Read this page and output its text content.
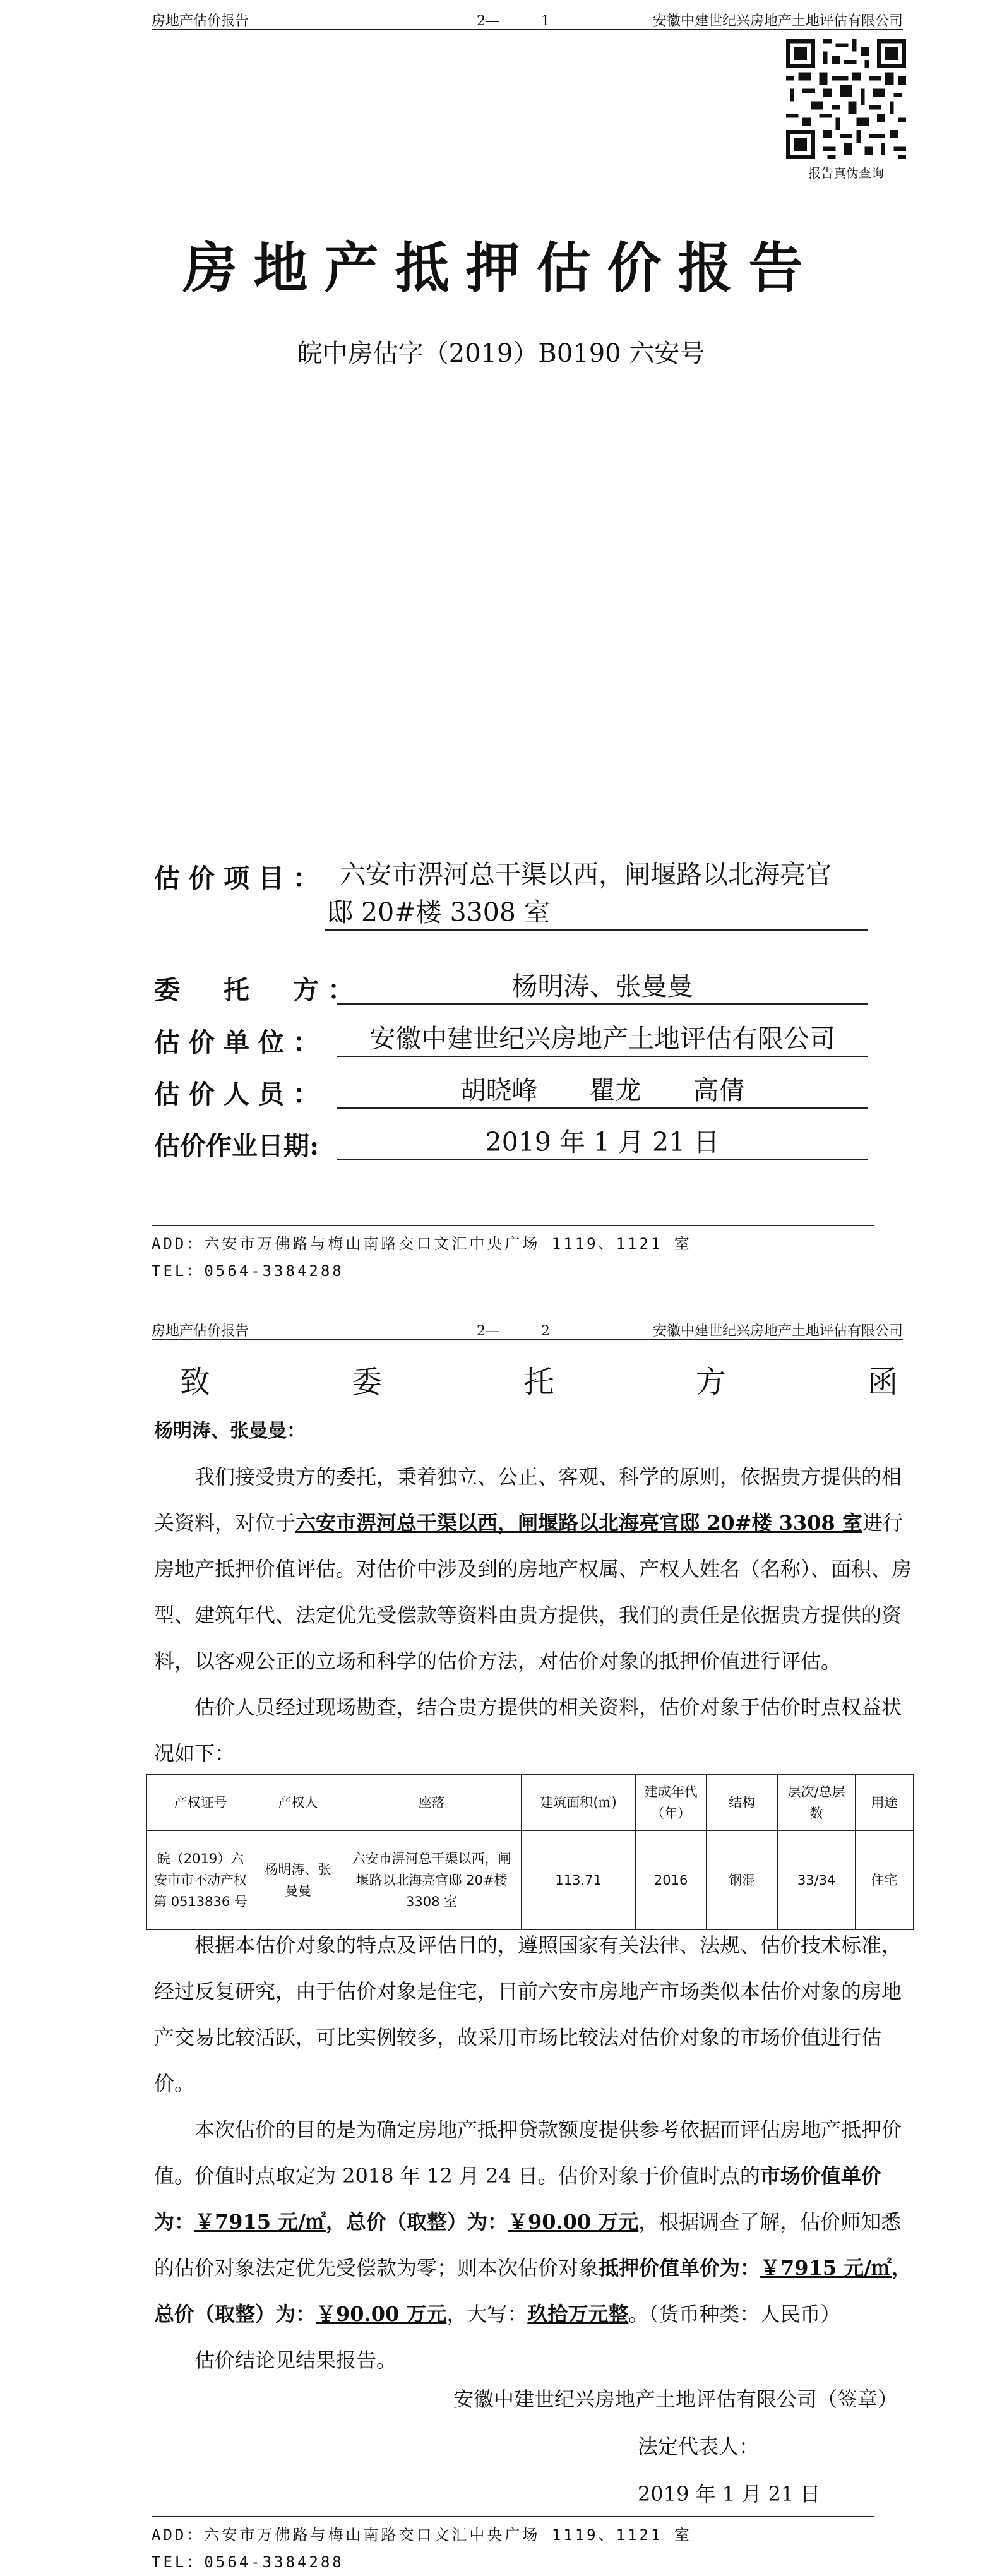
房地产估价报告	2—　　　1	安徽中建世纪兴房地产土地评估有限公司
报告真伪查询
房地产抵押估价报告
皖中房估字（2019）B0190 六安号
估价项目： 六安市淠河总干渠以西，闸堰路以北海亮官
邸 20#楼 3308 室
委　托　方：	杨明涛、张曼曼
估价单位：	安徽中建世纪兴房地产土地评估有限公司
估价人员：	胡晓峰　　瞿龙　　高倩
估价作业日期:	2019 年 1 月 21 日
ADD：六安市万佛路与梅山南路交口文汇中央广场 1119、1121 室
TEL：0564-3384288
房地产估价报告	2—　　　2	安徽中建世纪兴房地产土地评估有限公司
致	委	托	方	函

杨明涛、张曼曼：

我们接受贵方的委托，秉着独立、公正、客观、科学的原则，依据贵方提供的相关资料，对位于六安市淠河总干渠以西，闸堰路以北海亮官邸 20#楼 3308 室进行房地产抵押价值评估。对估价中涉及到的房地产权属、产权人姓名（名称）、面积、房型、建筑年代、法定优先受偿款等资料由贵方提供，我们的责任是依据贵方提供的资料，以客观公正的立场和科学的估价方法，对估价对象的抵押价值进行评估。

估价人员经过现场勘查，结合贵方提供的相关资料，估价对象于估价时点权益状况如下：

产权证号	产权人	座落	建筑面积(㎡)	建成年代（年）	结构	层次/总层数	用途
皖（2019）六安市市不动产权第 0513836 号	杨明涛、张曼曼	六安市淠河总干渠以西，闸堰路以北海亮官邸 20#楼 3308 室	113.71	2016	钢混	33/34	住宅

根据本估价对象的特点及评估目的，遵照国家有关法律、法规、估价技术标准，经过反复研究，由于估价对象是住宅，目前六安市房地产市场类似本估价对象的房地产交易比较活跃，可比实例较多，故采用市场比较法对估价对象的市场价值进行估价。

本次估价的目的是为确定房地产抵押贷款额度提供参考依据而评估房地产抵押价值。价值时点取定为 2018 年 12 月 24 日。估价对象于价值时点的市场价值单价为：￥7915 元/㎡，总价（取整）为：￥90.00 万元，根据调查了解，估价师知悉的估价对象法定优先受偿款为零；则本次估价对象抵押价值单价为：￥7915 元/㎡，总价（取整）为：￥90.00 万元，大写：玖拾万元整。（货币种类：人民币）

估价结论见结果报告。

安徽中建世纪兴房地产土地评估有限公司（签章）
法定代表人：
2019 年 1 月 21 日
ADD：六安市万佛路与梅山南路交口文汇中央广场 1119、1121 室
TEL：0564-3384288
